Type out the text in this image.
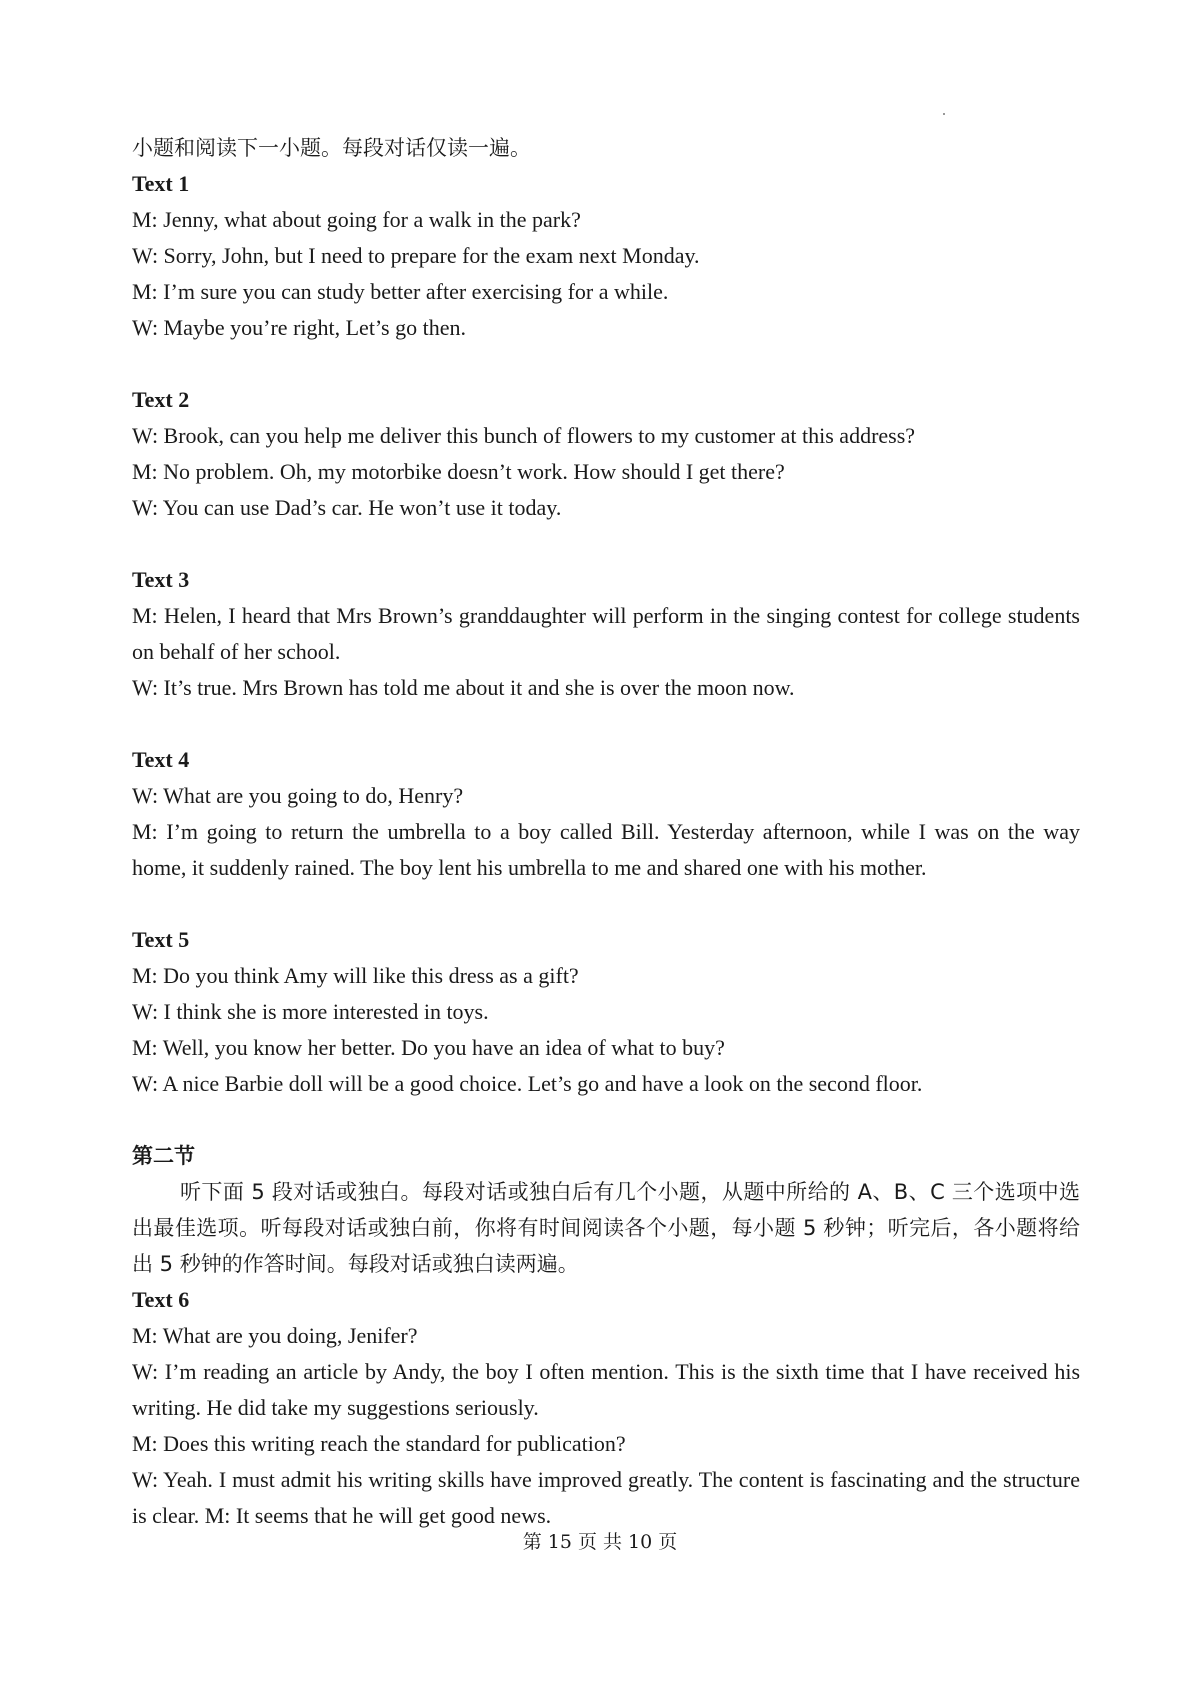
小题和阅读下一小题。每段对话仅读一遍。
Text 1
M: Jenny, what about going for a walk in the park?
W: Sorry, John, but I need to prepare for the exam next Monday.
M: I’m sure you can study better after exercising for a while.
W: Maybe you’re right, Let’s go then.
Text 2
W: Brook, can you help me deliver this bunch of flowers to my customer at this address?
M: No problem. Oh, my motorbike doesn’t work. How should I get there?
W: You can use Dad’s car. He won’t use it today.
Text 3
M: Helen, I heard that Mrs Brown’s granddaughter will perform in the singing contest for college students on behalf of her school.
W: It’s true. Mrs Brown has told me about it and she is over the moon now.
Text 4
W: What are you going to do, Henry?
M: I’m going to return the umbrella to a boy called Bill. Yesterday afternoon, while I was on the way home, it suddenly rained. The boy lent his umbrella to me and shared one with his mother.
Text 5
M: Do you think Amy will like this dress as a gift?
W: I think she is more interested in toys.
M: Well, you know her better. Do you have an idea of what to buy?
W: A nice Barbie doll will be a good choice. Let’s go and have a look on the second floor.
第二节
听下面 5 段对话或独白。每段对话或独白后有几个小题，从题中所给的 A、B、C 三个选项中选出最佳选项。听每段对话或独白前，你将有时间阅读各个小题，每小题 5 秒钟；听完后，各小题将给出 5 秒钟的作答时间。每段对话或独白读两遍。
Text 6
M: What are you doing, Jenifer?
W: I’m reading an article by Andy, the boy I often mention. This is the sixth time that I have received his writing. He did take my suggestions seriously.
M: Does this writing reach the standard for publication?
W: Yeah. I must admit his writing skills have improved greatly. The content is fascinating and the structure is clear. M: It seems that he will get good news.
第 15 页 共 10 页
